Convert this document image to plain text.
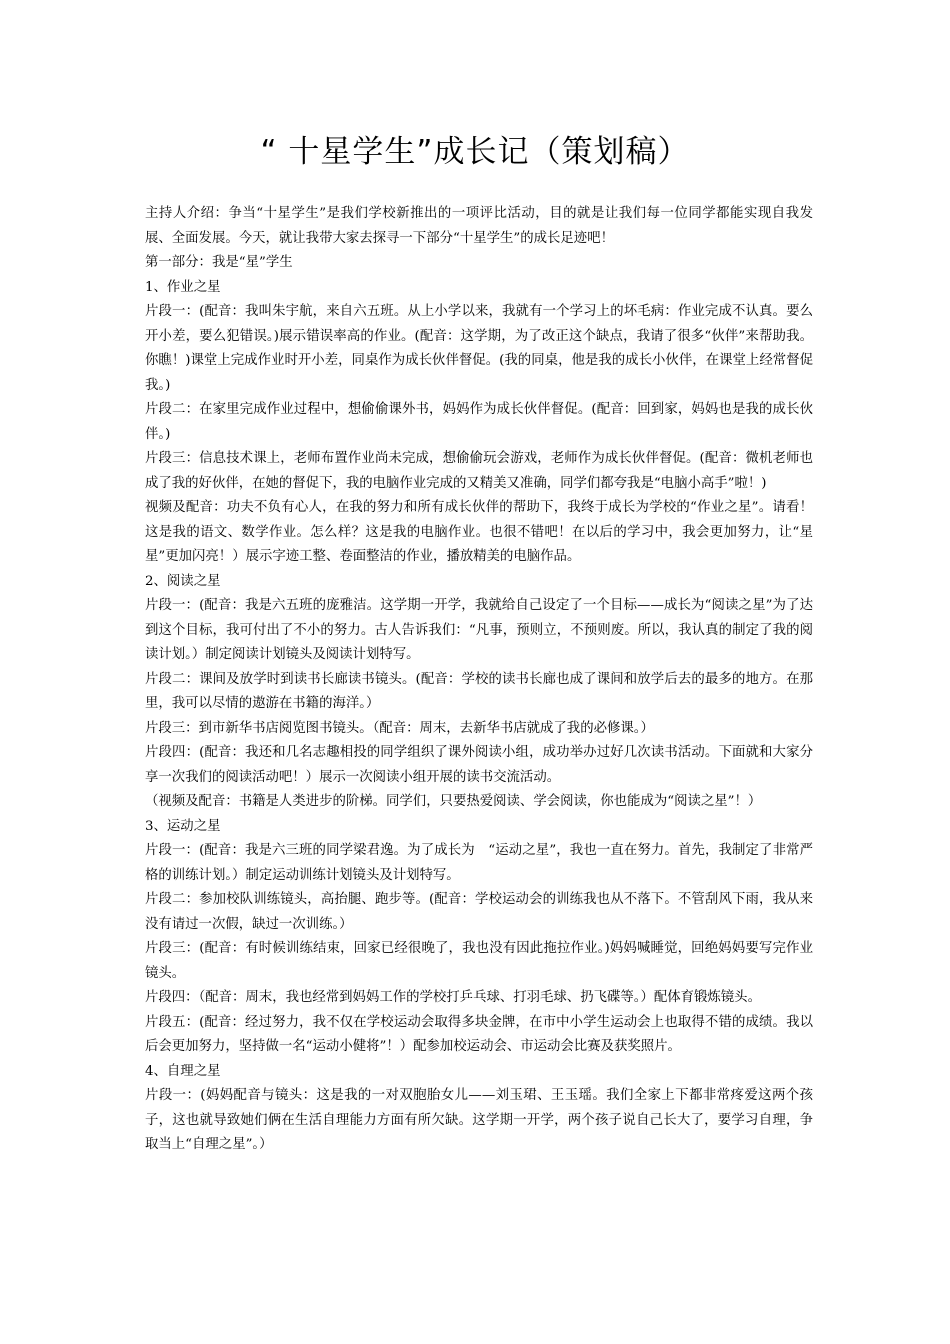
“ 十星学生”成长记（策划稿）

主持人介绍：争当“十星学生”是我们学校新推出的一项评比活动，目的就是让我们每一位同学都能实现自我发展、全面发展。今天，就让我带大家去探寻一下部分“十星学生”的成长足迹吧！

第一部分：我是“星”学生

1、作业之星

片段一：(配音：我叫朱宇航，来自六五班。从上小学以来，我就有一个学习上的坏毛病：作业完成不认真。要么开小差，要么犯错误。)展示错误率高的作业。(配音：这学期，为了改正这个缺点，我请了很多“伙伴”来帮助我。你瞧！)课堂上完成作业时开小差，同桌作为成长伙伴督促。(我的同桌，他是我的成长小伙伴，在课堂上经常督促我。)

片段二：在家里完成作业过程中，想偷偷课外书，妈妈作为成长伙伴督促。(配音：回到家，妈妈也是我的成长伙伴。)

片段三：信息技术课上，老师布置作业尚未完成，想偷偷玩会游戏，老师作为成长伙伴督促。(配音：微机老师也成了我的好伙伴，在她的督促下，我的电脑作业完成的又精美又准确，同学们都夸我是“电脑小高手”啦！)

视频及配音：功夫不负有心人，在我的努力和所有成长伙伴的帮助下，我终于成长为学校的“作业之星”。请看！这是我的语文、数学作业。怎么样？这是我的电脑作业。也很不错吧！在以后的学习中，我会更加努力，让“星星”更加闪亮！）展示字迹工整、卷面整洁的作业，播放精美的电脑作品。

2、阅读之星

片段一：(配音：我是六五班的庞雅洁。这学期一开学，我就给自己设定了一个目标——成长为“阅读之星”为了达到这个目标，我可付出了不小的努力。古人告诉我们：“凡事，预则立，不预则废。所以，我认真的制定了我的阅读计划。）制定阅读计划镜头及阅读计划特写。

片段二：课间及放学时到读书长廊读书镜头。(配音：学校的读书长廊也成了课间和放学后去的最多的地方。在那里，我可以尽情的遨游在书籍的海洋。）

片段三：到市新华书店阅览图书镜头。（配音：周末，去新华书店就成了我的必修课。）

片段四：(配音：我还和几名志趣相投的同学组织了课外阅读小组，成功举办过好几次读书活动。下面就和大家分享一次我们的阅读活动吧！）展示一次阅读小组开展的读书交流活动。

（视频及配音：书籍是人类进步的阶梯。同学们，只要热爱阅读、学会阅读，你也能成为“阅读之星”！）

3、运动之星

片段一：(配音：我是六三班的同学梁君逸。为了成长为　“运动之星”，我也一直在努力。首先，我制定了非常严格的训练计划。）制定运动训练计划镜头及计划特写。

片段二：参加校队训练镜头，高抬腿、跑步等。(配音：学校运动会的训练我也从不落下。不管刮风下雨，我从来没有请过一次假，缺过一次训练。）

片段三：(配音：有时候训练结束，回家已经很晚了，我也没有因此拖拉作业。)妈妈喊睡觉，回绝妈妈要写完作业镜头。

片段四：（配音：周末，我也经常到妈妈工作的学校打乒乓球、打羽毛球、扔飞碟等。）配体育锻炼镜头。

片段五：(配音：经过努力，我不仅在学校运动会取得多块金牌，在市中小学生运动会上也取得不错的成绩。我以后会更加努力，坚持做一名“运动小健将”！）配参加校运动会、市运动会比赛及获奖照片。

4、自理之星

片段一：(妈妈配音与镜头：这是我的一对双胞胎女儿——刘玉珺、王玉瑶。我们全家上下都非常疼爱这两个孩子，这也就导致她们俩在生活自理能力方面有所欠缺。这学期一开学，两个孩子说自己长大了，要学习自理，争取当上“自理之星”。）
